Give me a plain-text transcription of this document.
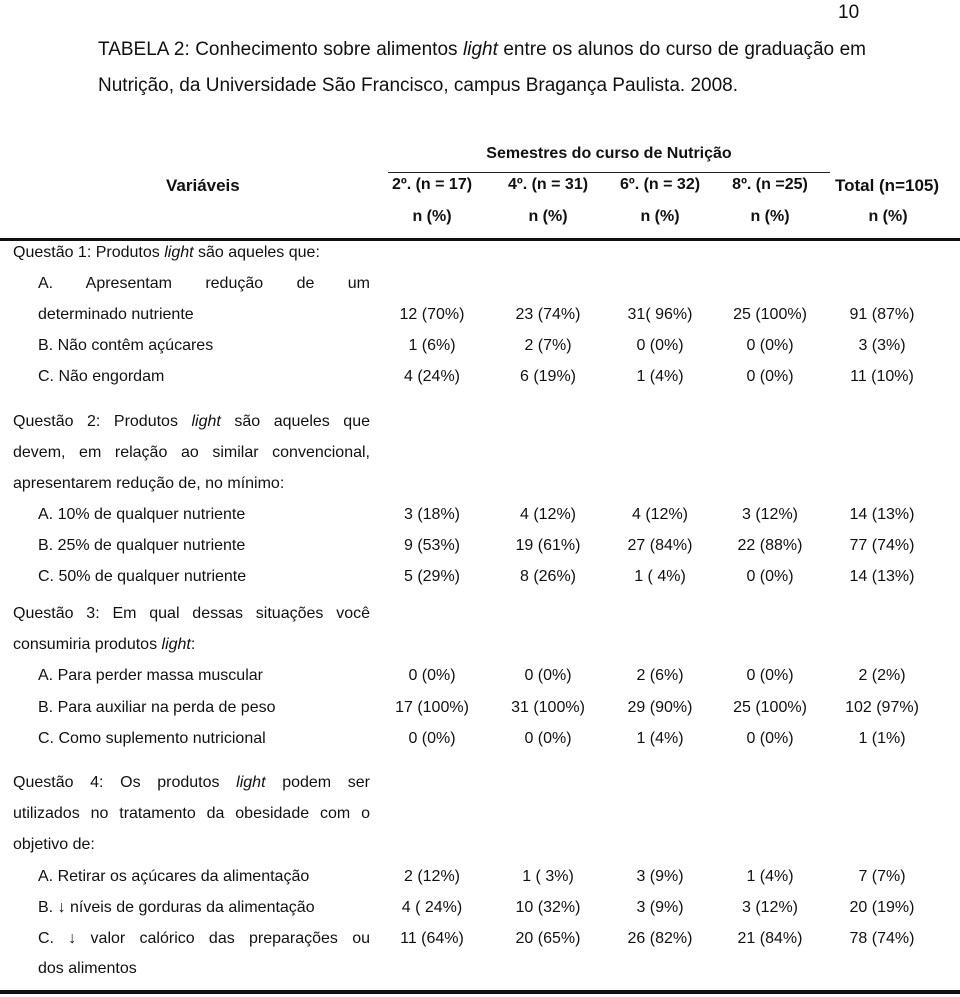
10
TABELA 2: Conhecimento sobre alimentos light entre os alunos do curso de graduação em Nutrição, da Universidade São Francisco, campus Bragança Paulista. 2008.
Semestres do curso de Nutrição
Variáveis	2º. (n = 17)	4º. (n = 31)	6º. (n = 32)	8º. (n =25)	Total (n=105)
n (%)	n (%)	n (%)	n (%)	n (%)
Questão 1: Produtos light são aqueles que:
A. Apresentam redução de um
determinado nutriente	12 (70%)	23 (74%)	31( 96%)	25 (100%)	91 (87%)
B. Não contêm açúcares	1 (6%)	2 (7%)	0 (0%)	0 (0%)	3 (3%)
C. Não engordam	4 (24%)	6 (19%)	1 (4%)	0 (0%)	11 (10%)
Questão 2: Produtos light são aqueles que
devem, em relação ao similar convencional,
apresentarem redução de, no mínimo:
A. 10% de qualquer nutriente	3 (18%)	4 (12%)	4 (12%)	3 (12%)	14 (13%)
B. 25% de qualquer nutriente	9 (53%)	19 (61%)	27 (84%)	22 (88%)	77 (74%)
C. 50% de qualquer nutriente	5 (29%)	8 (26%)	1 ( 4%)	0 (0%)	14 (13%)
Questão 3: Em qual dessas situações você
consumiria produtos light:
A. Para perder massa muscular	0 (0%)	0 (0%)	2 (6%)	0 (0%)	2 (2%)
B. Para auxiliar na perda de peso	17 (100%)	31 (100%)	29 (90%)	25 (100%)	102 (97%)
C. Como suplemento nutricional	0 (0%)	0 (0%)	1 (4%)	0 (0%)	1 (1%)
Questão 4: Os produtos light podem ser
utilizados no tratamento da obesidade com o
objetivo de:
A. Retirar os açúcares da alimentação	2 (12%)	1 ( 3%)	3 (9%)	1 (4%)	7 (7%)
B. ↓ níveis de gorduras da alimentação	4 ( 24%)	10 (32%)	3 (9%)	3 (12%)	20 (19%)
C. ↓ valor calórico das preparações ou	11 (64%)	20 (65%)	26 (82%)	21 (84%)	78 (74%)
dos alimentos
